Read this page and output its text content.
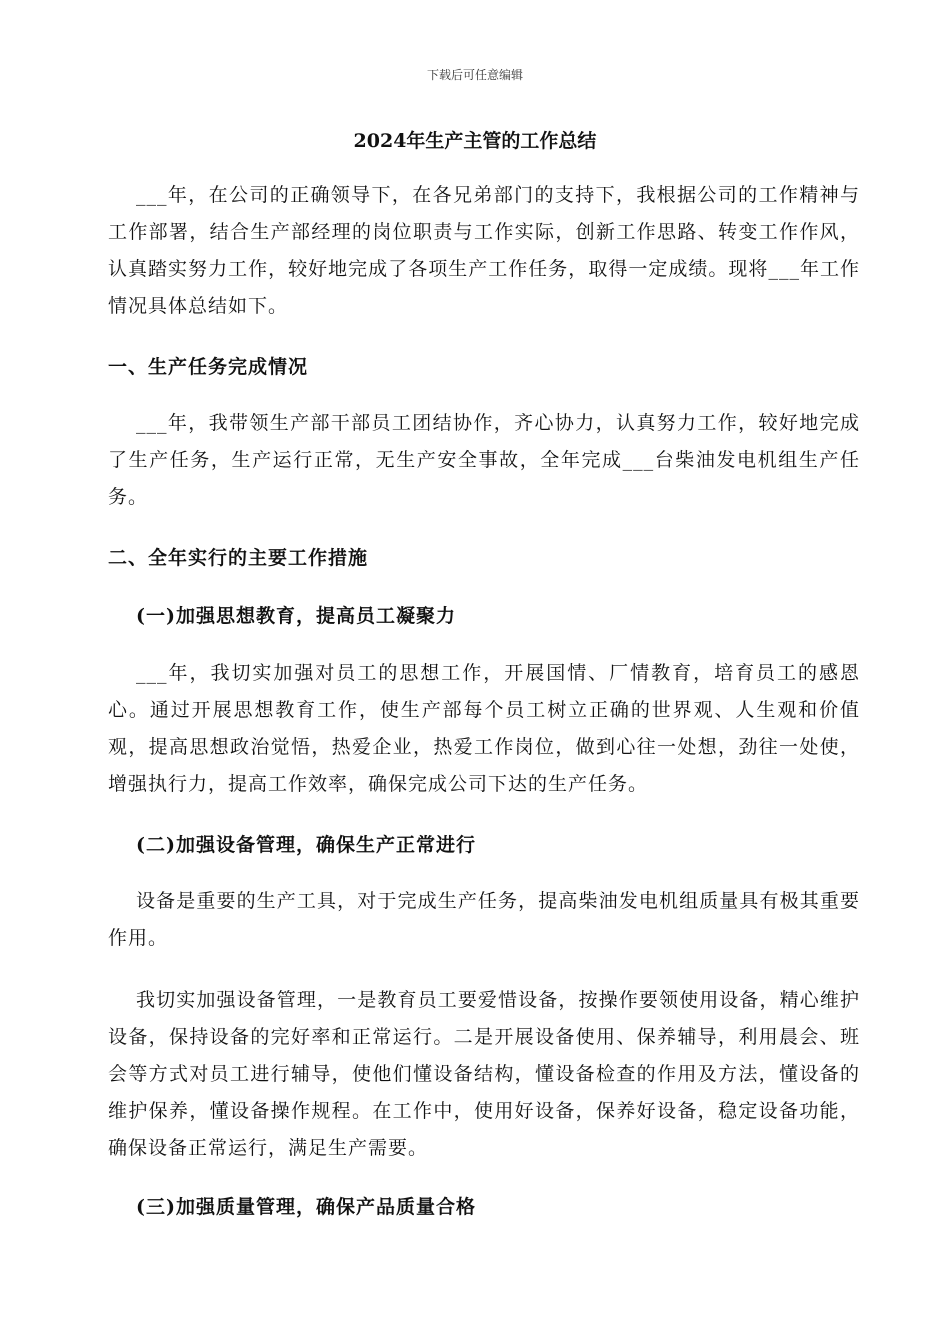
下载后可任意编辑
2024年生产主管的工作总结

___年，在公司的正确领导下，在各兄弟部门的支持下，我根据公司的工作精神与工作部署，结合生产部经理的岗位职责与工作实际，创新工作思路、转变工作作风，认真踏实努力工作，较好地完成了各项生产工作任务，取得一定成绩。现将___年工作情况具体总结如下。

一、生产任务完成情况

___年，我带领生产部干部员工团结协作，齐心协力，认真努力工作，较好地完成了生产任务，生产运行正常，无生产安全事故，全年完成___台柴油发电机组生产任务。

二、全年实行的主要工作措施
(一)加强思想教育，提高员工凝聚力

___年，我切实加强对员工的思想工作，开展国情、厂情教育，培育员工的感恩心。通过开展思想教育工作，使生产部每个员工树立正确的世界观、人生观和价值观，提高思想政治觉悟，热爱企业，热爱工作岗位，做到心往一处想，劲往一处使，增强执行力，提高工作效率，确保完成公司下达的生产任务。

(二)加强设备管理，确保生产正常进行

设备是重要的生产工具，对于完成生产任务，提高柴油发电机组质量具有极其重要作用。

我切实加强设备管理，一是教育员工要爱惜设备，按操作要领使用设备，精心维护设备，保持设备的完好率和正常运行。二是开展设备使用、保养辅导，利用晨会、班会等方式对员工进行辅导，使他们懂设备结构，懂设备检查的作用及方法，懂设备的维护保养，懂设备操作规程。在工作中，使用好设备，保养好设备，稳定设备功能，确保设备正常运行，满足生产需要。

(三)加强质量管理，确保产品质量合格
